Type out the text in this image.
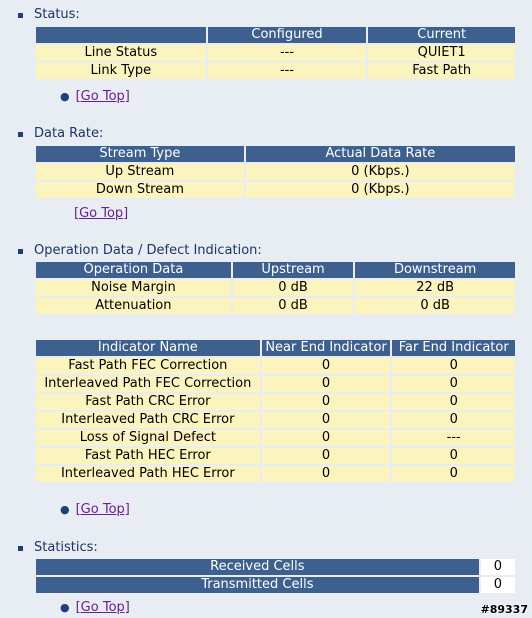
Status:
	Configured	Current
Line Status	---	QUIET1
Link Type	---	Fast Path
● [Go Top]
Data Rate:
Stream Type	Actual Data Rate
Up Stream	0 (Kbps.)
Down Stream	0 (Kbps.)
[Go Top]
Operation Data / Defect Indication:
Operation Data	Upstream	Downstream
Noise Margin	0 dB	22 dB
Attenuation	0 dB	0 dB
Indicator Name	Near End Indicator	Far End Indicator
Fast Path FEC Correction	0	0
Interleaved Path FEC Correction	0	0
Fast Path CRC Error	0	0
Interleaved Path CRC Error	0	0
Loss of Signal Defect	0	---
Fast Path HEC Error	0	0
Interleaved Path HEC Error	0	0
● [Go Top]
Statistics:
Received Cells	0
Transmitted Cells	0
● [Go Top]	#89337
